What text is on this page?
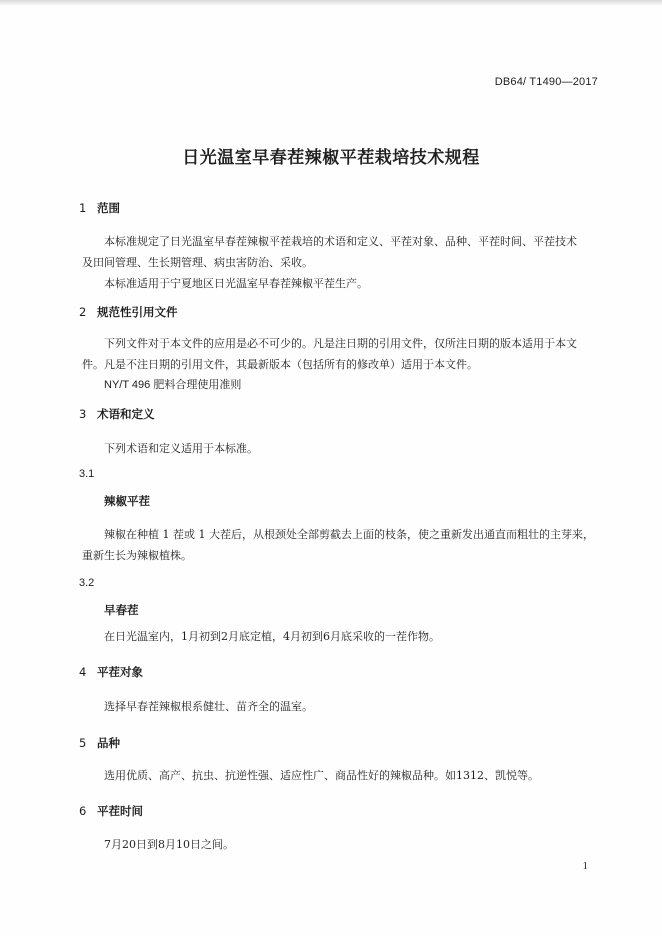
DB64/ T1490—2017
日光温室早春茬辣椒平茬栽培技术规程
1 范围
本标准规定了日光温室早春茬辣椒平茬栽培的术语和定义、平茬对象、品种、平茬时间、平茬技术
及田间管理、生长期管理、病虫害防治、采收。
本标准适用于宁夏地区日光温室早春茬辣椒平茬生产。
2 规范性引用文件
下列文件对于本文件的应用是必不可少的。凡是注日期的引用文件，仅所注日期的版本适用于本文
件。凡是不注日期的引用文件，其最新版本（包括所有的修改单）适用于本文件。
NY/T 496 肥料合理使用准则
3 术语和定义
下列术语和定义适用于本标准。
3.1
辣椒平茬
辣椒在种植 1 茬或 1 大茬后，从根颈处全部剪截去上面的枝条，使之重新发出通直而粗壮的主芽来，
重新生长为辣椒植株。
3.2
早春茬
在日光温室内，1月初到2月底定植，4月初到6月底采收的一茬作物。
4 平茬对象
选择早春茬辣椒根系健壮、苗齐全的温室。
5 品种
选用优质、高产、抗虫、抗逆性强、适应性广、商品性好的辣椒品种。如1312、凯悦等。
6 平茬时间
7月20日到8月10日之间。
1
